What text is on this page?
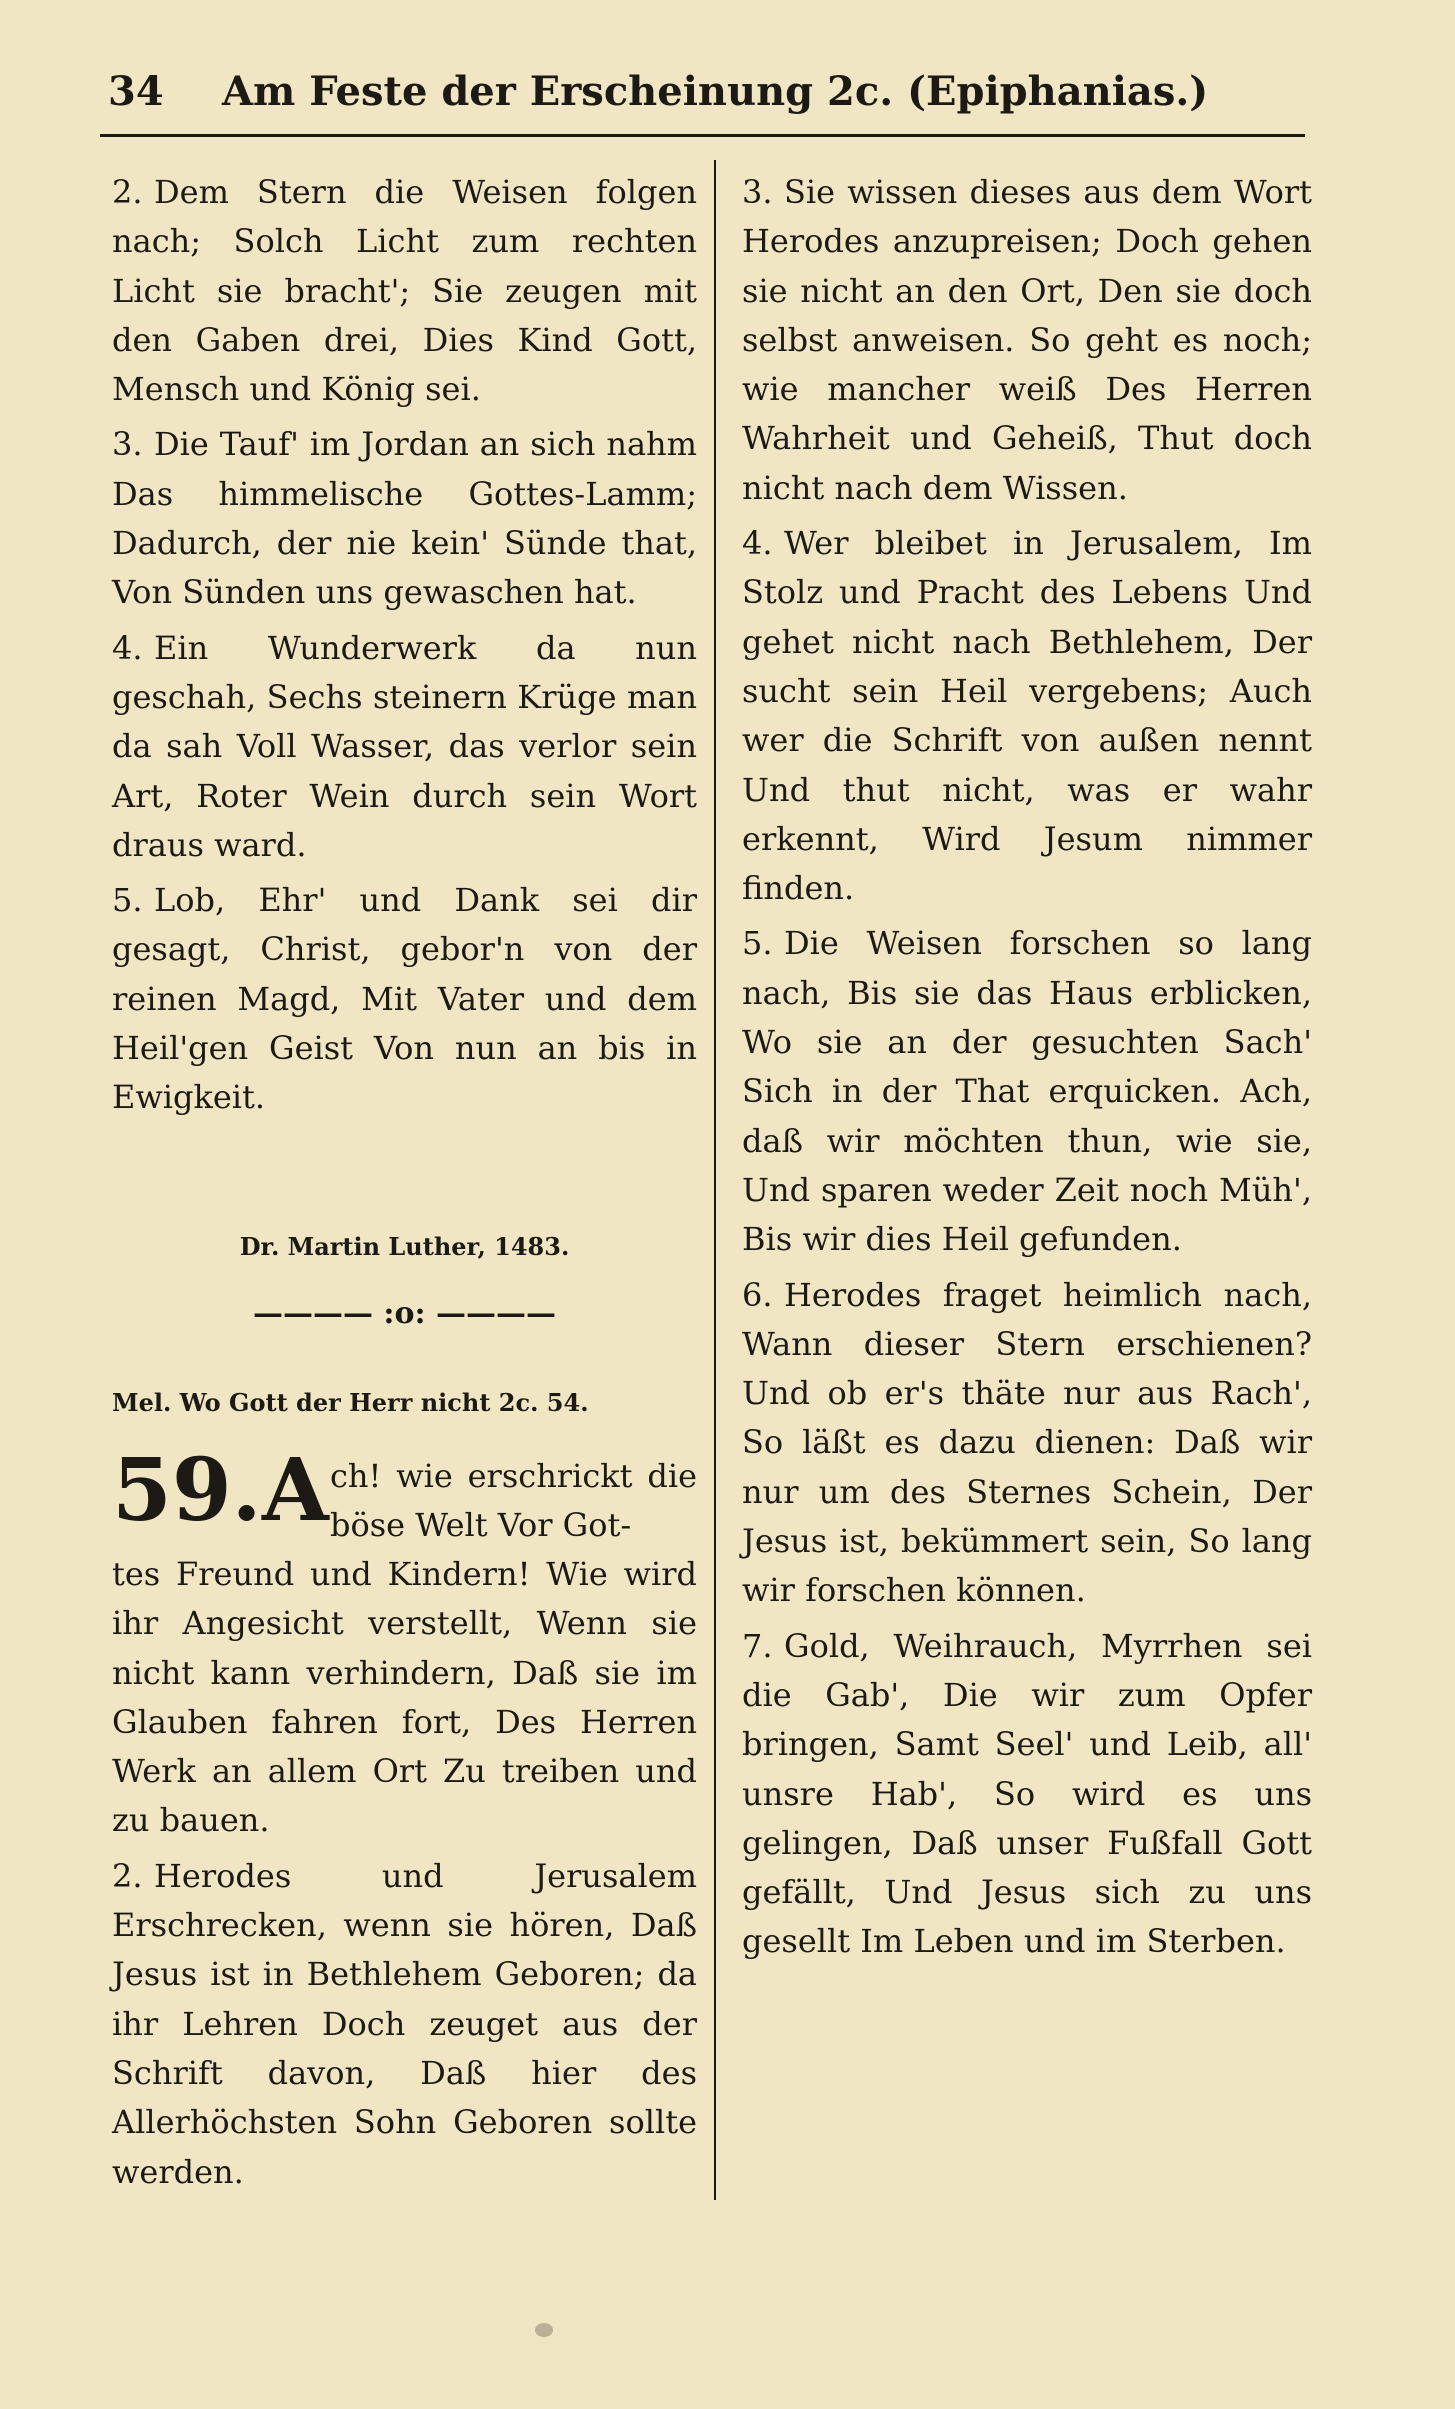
34 Am Feste der Erscheinung 2c. (Epiphanias.)

2. Dem Stern die Weisen folgen nach; Solch Licht zum rechten Licht sie bracht'; Sie zeugen mit den Gaben drei, Dies Kind Gott, Mensch und König sei.

3. Die Tauf' im Jordan an sich nahm Das himmelische Gottes-Lamm; Dadurch, der nie kein' Sünde that, Von Sünden uns gewaschen hat.

4. Ein Wunderwerk da nun geschah, Sechs steinern Krüge man da sah Voll Wasser, das verlor sein Art, Roter Wein durch sein Wort draus ward.

5. Lob, Ehr' und Dank sei dir gesagt, Christ, gebor'n von der reinen Magd, Mit Vater und dem Heil'gen Geist Von nun an bis in Ewigkeit.

Dr. Martin Luther, 1483.
———— :o: ————
Mel. Wo Gott der Herr nicht 2c. 54.
59. A ch! wie erschrickt die böse Welt Vor Got-

tes Freund und Kindern! Wie wird ihr Angesicht verstellt, Wenn sie nicht kann verhindern, Daß sie im Glauben fahren fort, Des Herren Werk an allem Ort Zu treiben und zu bauen.

2. Herodes und Jerusalem Erschrecken, wenn sie hören, Daß Jesus ist in Bethlehem Geboren; da ihr Lehren Doch zeuget aus der Schrift davon, Daß hier des Allerhöchsten Sohn Geboren sollte werden.

3. Sie wissen dieses aus dem Wort Herodes anzupreisen; Doch gehen sie nicht an den Ort, Den sie doch selbst anweisen. So geht es noch; wie mancher weiß Des Herren Wahrheit und Geheiß, Thut doch nicht nach dem Wissen.

4. Wer bleibet in Jerusalem, Im Stolz und Pracht des Lebens Und gehet nicht nach Bethlehem, Der sucht sein Heil vergebens; Auch wer die Schrift von außen nennt Und thut nicht, was er wahr erkennt, Wird Jesum nimmer finden.

5. Die Weisen forschen so lang nach, Bis sie das Haus erblicken, Wo sie an der gesuchten Sach' Sich in der That erquicken. Ach, daß wir möchten thun, wie sie, Und sparen weder Zeit noch Müh', Bis wir dies Heil gefunden.

6. Herodes fraget heimlich nach, Wann dieser Stern erschienen? Und ob er's thäte nur aus Rach', So läßt es dazu dienen: Daß wir nur um des Sternes Schein, Der Jesus ist, bekümmert sein, So lang wir forschen können.

7. Gold, Weihrauch, Myrrhen sei die Gab', Die wir zum Opfer bringen, Samt Seel' und Leib, all' unsre Hab', So wird es uns gelingen, Daß unser Fußfall Gott gefällt, Und Jesus sich zu uns gesellt Im Leben und im Sterben.
